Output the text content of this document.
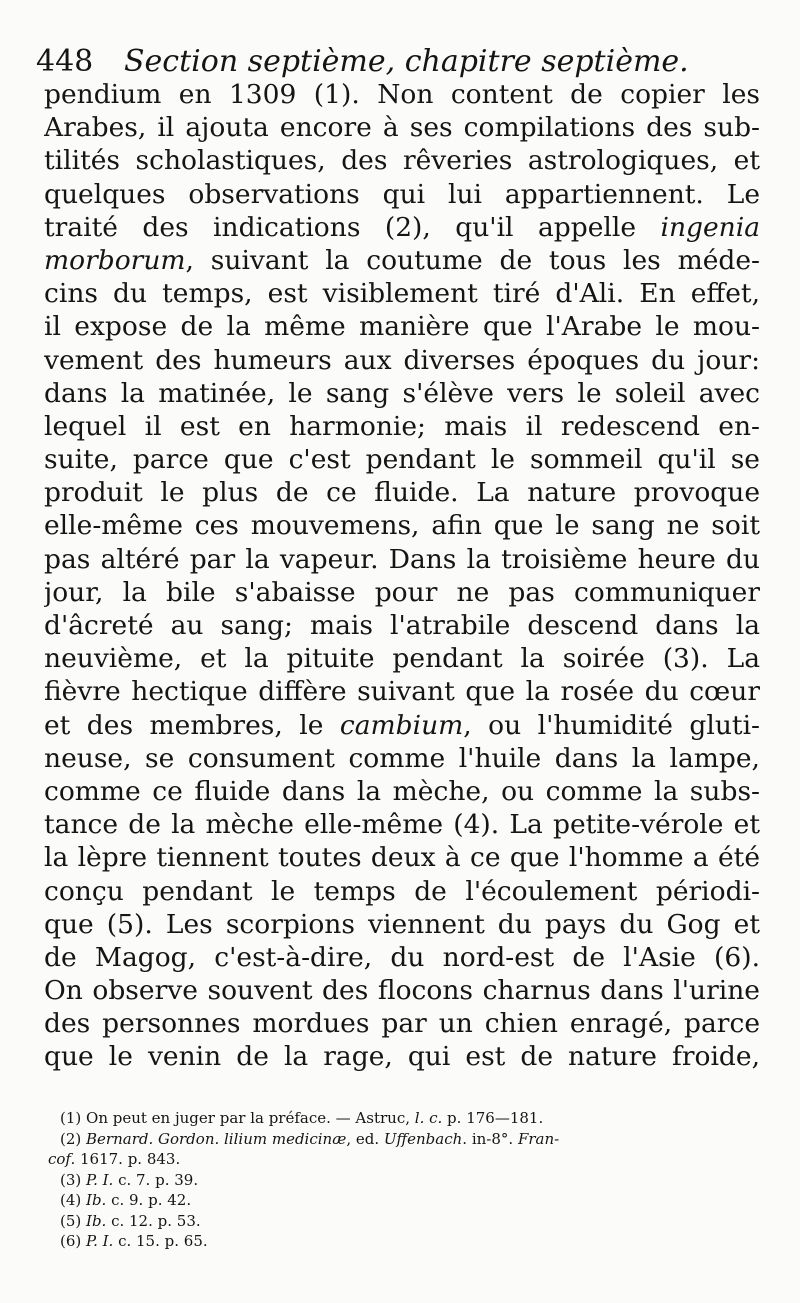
448 Section septième, chapitre septième.
pendium en 1309 (1). Non content de copier les
Arabes, il ajouta encore à ses compilations des sub-
tilités scholastiques, des rêveries astrologiques, et
quelques observations qui lui appartiennent. Le
traité des indications (2), qu'il appelle ingenia
morborum, suivant la coutume de tous les méde-
cins du temps, est visiblement tiré d'Ali. En effet,
il expose de la même manière que l'Arabe le mou-
vement des humeurs aux diverses époques du jour:
dans la matinée, le sang s'élève vers le soleil avec
lequel il est en harmonie; mais il redescend en-
suite, parce que c'est pendant le sommeil qu'il se
produit le plus de ce fluide. La nature provoque
elle-même ces mouvemens, afin que le sang ne soit
pas altéré par la vapeur. Dans la troisième heure du
jour, la bile s'abaisse pour ne pas communiquer
d'âcreté au sang; mais l'atrabile descend dans la
neuvième, et la pituite pendant la soirée (3). La
fièvre hectique diffère suivant que la rosée du cœur
et des membres, le cambium, ou l'humidité gluti-
neuse, se consument comme l'huile dans la lampe,
comme ce fluide dans la mèche, ou comme la subs-
tance de la mèche elle-même (4). La petite-vérole et
la lèpre tiennent toutes deux à ce que l'homme a été
conçu pendant le temps de l'écoulement périodi-
que (5). Les scorpions viennent du pays du Gog et
de Magog, c'est-à-dire, du nord-est de l'Asie (6).
On observe souvent des flocons charnus dans l'urine
des personnes mordues par un chien enragé, parce
que le venin de la rage, qui est de nature froide,
(1) On peut en juger par la préface. — Astruc, l. c. p. 176—181.
(2) Bernard. Gordon. lilium medicinæ, ed. Uffenbach. in-8°. Fran-
cof. 1617. p. 843.
(3) P. I. c. 7. p. 39.
(4) Ib. c. 9. p. 42.
(5) Ib. c. 12. p. 53.
(6) P. I. c. 15. p. 65.
